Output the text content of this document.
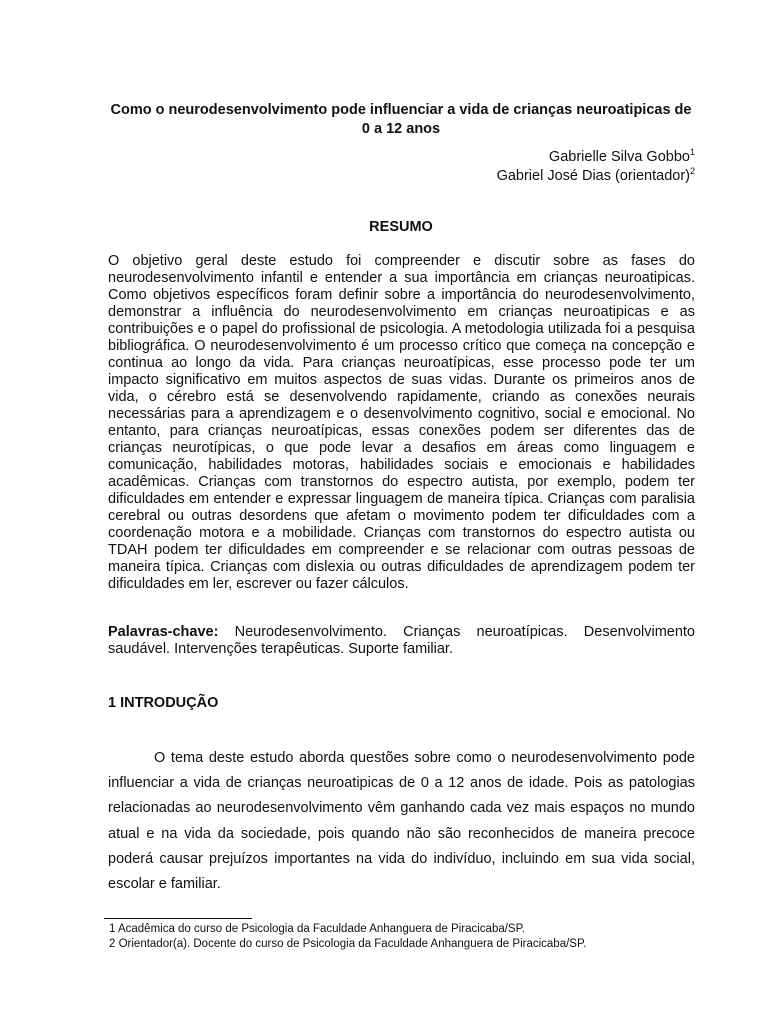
Como o neurodesenvolvimento pode influenciar a vida de crianças neuroatipicas de 0 a 12 anos
Gabrielle Silva Gobbo$^1$
Gabriel José Dias (orientador)$^2$
RESUMO

O objetivo geral deste estudo foi compreender e discutir sobre as fases do neurodesenvolvimento infantil e entender a sua importância em crianças neuroatipicas. Como objetivos específicos foram definir sobre a importância do neurodesenvolvimento, demonstrar a influência do neurodesenvolvimento em crianças neuroatipicas e as contribuições e o papel do profissional de psicologia. A metodologia utilizada foi a pesquisa bibliográfica. O neurodesenvolvimento é um processo crítico que começa na concepção e continua ao longo da vida. Para crianças neuroatípicas, esse processo pode ter um impacto significativo em muitos aspectos de suas vidas. Durante os primeiros anos de vida, o cérebro está se desenvolvendo rapidamente, criando as conexões neurais necessárias para a aprendizagem e o desenvolvimento cognitivo, social e emocional. No entanto, para crianças neuroatípicas, essas conexões podem ser diferentes das de crianças neurotípicas, o que pode levar a desafios em áreas como linguagem e comunicação, habilidades motoras, habilidades sociais e emocionais e habilidades acadêmicas. Crianças com transtornos do espectro autista, por exemplo, podem ter dificuldades em entender e expressar linguagem de maneira típica. Crianças com paralisia cerebral ou outras desordens que afetam o movimento podem ter dificuldades com a coordenação motora e a mobilidade. Crianças com transtornos do espectro autista ou TDAH podem ter dificuldades em compreender e se relacionar com outras pessoas de maneira típica. Crianças com dislexia ou outras dificuldades de aprendizagem podem ter dificuldades em ler, escrever ou fazer cálculos.

Palavras-chave: Neurodesenvolvimento. Crianças neuroatípicas. Desenvolvimento saudável. Intervenções terapêuticas. Suporte familiar.

1 INTRODUÇÃO

O tema deste estudo aborda questões sobre como o neurodesenvolvimento pode influenciar a vida de crianças neuroatipicas de 0 a 12 anos de idade. Pois as patologias relacionadas ao neurodesenvolvimento vêm ganhando cada vez mais espaços no mundo atual e na vida da sociedade, pois quando não são reconhecidos de maneira precoce poderá causar prejuízos importantes na vida do indivíduo, incluindo em sua vida social, escolar e familiar.

1 Acadêmica do curso de Psicologia da Faculdade Anhanguera de Piracicaba/SP.
2 Orientador(a). Docente do curso de Psicologia da Faculdade Anhanguera de Piracicaba/SP.
